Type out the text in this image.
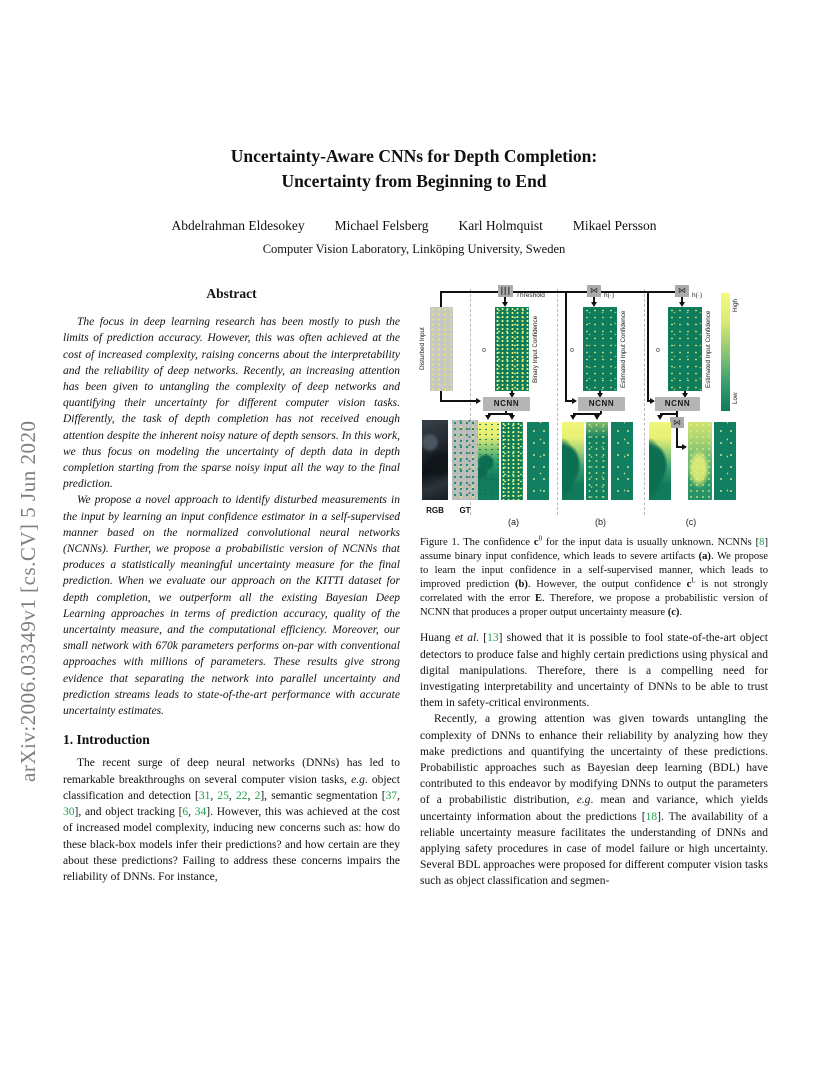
arXiv:2006.03349v1 [cs.CV] 5 Jun 2020
Uncertainty-Aware CNNs for Depth Completion:
Uncertainty from Beginning to End
Abdelrahman Eldesokey Michael Felsberg Karl Holmquist Mikael Persson
Computer Vision Laboratory, Linköping University, Sweden
Abstract

The focus in deep learning research has been mostly to push the limits of prediction accuracy. However, this was often achieved at the cost of increased complexity, raising concerns about the interpretability and the reliability of deep networks. Recently, an increasing attention has been given to untangling the complexity of deep networks and quantifying their uncertainty for different computer vision tasks. Differently, the task of depth completion has not received enough attention despite the inherent noisy nature of depth sensors. In this work, we thus focus on modeling the uncertainty of depth data in depth completion starting from the sparse noisy input all the way to the final prediction.

We propose a novel approach to identify disturbed measurements in the input by learning an input confidence estimator in a self-supervised manner based on the normalized convolutional neural networks (NCNNs). Further, we propose a probabilistic version of NCNNs that produces a statistically meaningful uncertainty measure for the final prediction. When we evaluate our approach on the KITTI dataset for depth completion, we outperform all the existing Bayesian Deep Learning approaches in terms of prediction accuracy, quality of the uncertainty measure, and the computational efficiency. Moreover, our small network with 670k parameters performs on-par with conventional approaches with millions of parameters. These results give strong evidence that separating the network into parallel uncertainty and prediction streams leads to state-of-the-art performance with accurate uncertainty estimates.

1. Introduction

The recent surge of deep neural networks (DNNs) has led to remarkable breakthroughs on several computer vision tasks, e.g. object classification and detection [31, 25, 22, 2], semantic segmentation [37, 30], and object tracking [6, 34]. However, this was achieved at the cost of increased model complexity, inducing new concerns such as: how do these black-box models infer their predictions? and how certain are they about these predictions? Failing to address these concerns impairs the reliability of DNNs. For instance,

Disturbed Input
Threshold
o	Binary Input Confidence
NCNN
(a)
⋈
h(·)
o	Estimated Input Confidence
NCNN
(b)
⋈
h(·)
o	Estimated Input Confidence
NCNN
⋈
(c)
RGB	GT
High
Low

Figure 1. The confidence $c^0$ for the input data is usually unknown. NCNNs [8] assume binary input confidence, which leads to severe artifacts (a). We propose to learn the input confidence in a self-supervised manner, which leads to improved prediction (b). However, the output confidence $c^L$ is not strongly correlated with the error E. Therefore, we propose a probabilistic version of NCNN that produces a proper output uncertainty measure (c).

Huang et al. [13] showed that it is possible to fool state-of-the-art object detectors to produce false and highly certain predictions using physical and digital manipulations. Therefore, there is a compelling need for investigating interpretability and uncertainty of DNNs to be able to trust them in safety-critical environments.

Recently, a growing attention was given towards untangling the complexity of DNNs to enhance their reliability by analyzing how they make predictions and quantifying the uncertainty of these predictions. Probabilistic approaches such as Bayesian deep learning (BDL) have contributed to this endeavor by modifying DNNs to output the parameters of a probabilistic distribution, e.g. mean and variance, which yields uncertainty information about the predictions [18]. The availability of a reliable uncertainty measure facilitates the understanding of DNNs and applying safety procedures in case of model failure or high uncertainty. Several BDL approaches were proposed for different computer vision tasks such as object classification and segmen-
